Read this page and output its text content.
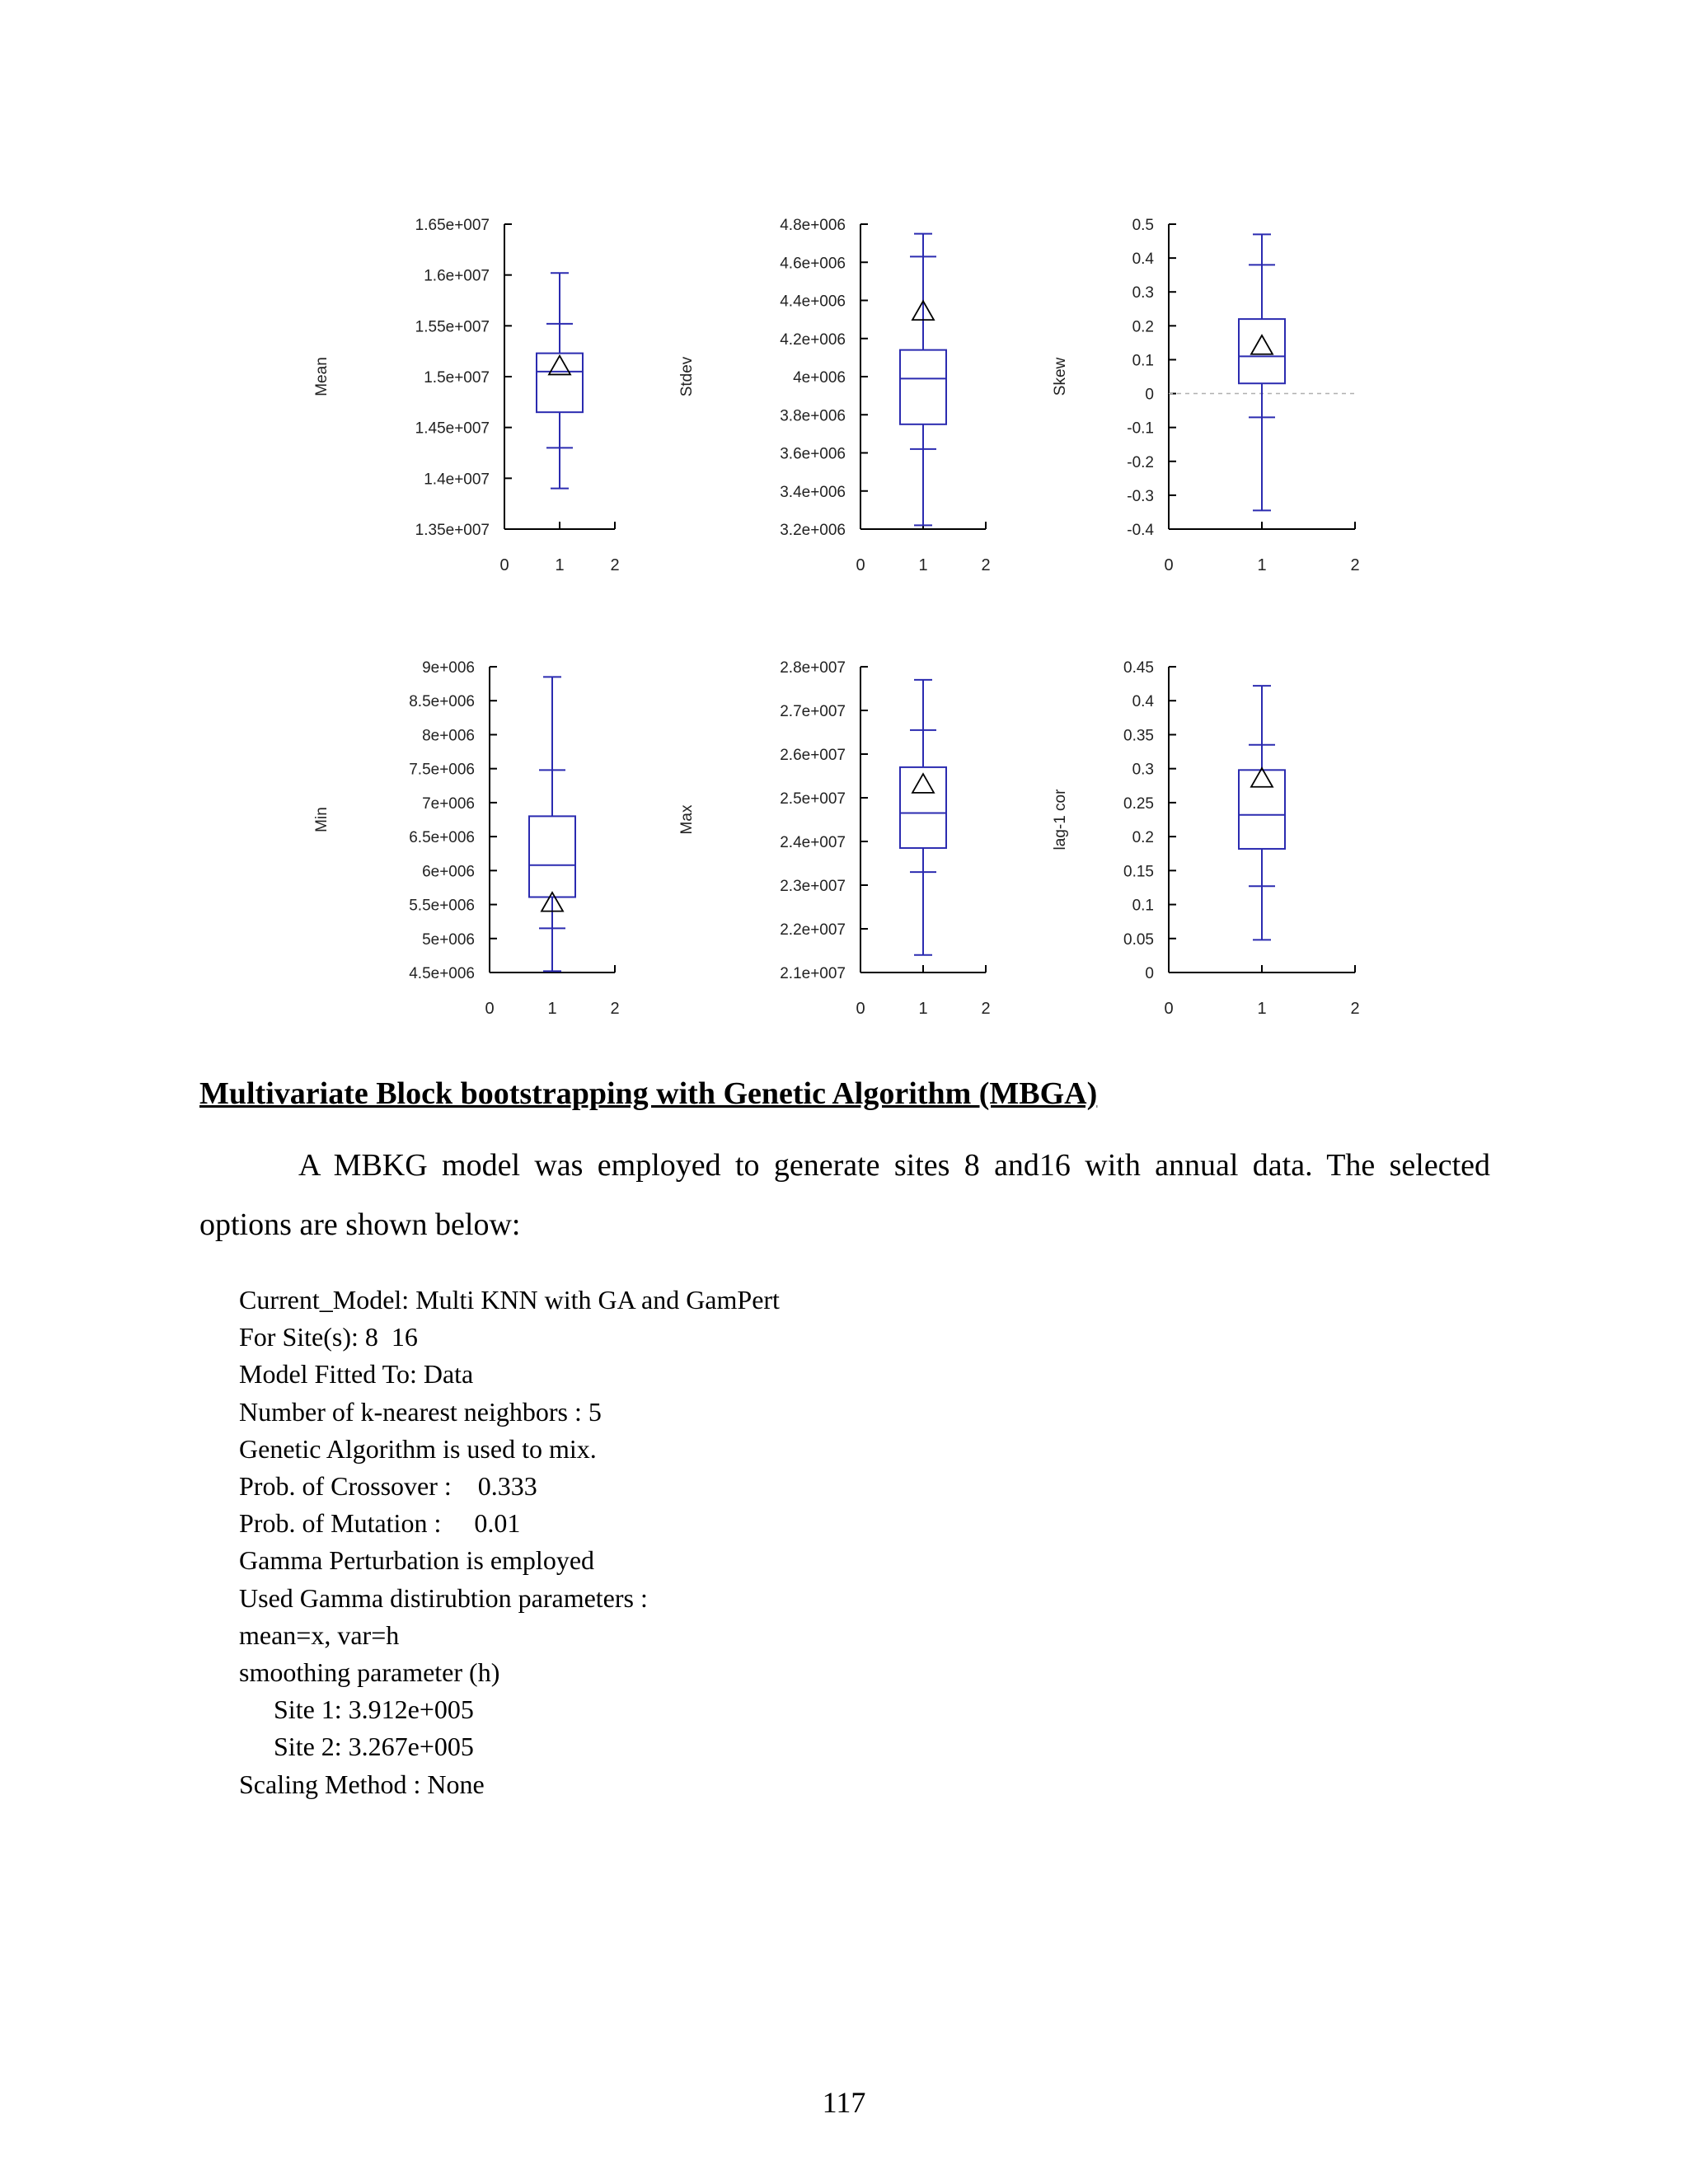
1.35e+007
1.4e+007
1.45e+007
1.5e+007
1.55e+007
1.6e+007
1.65e+007
0	1	2
Mean
3.2e+006
3.4e+006
3.6e+006
3.8e+006
4e+006
4.2e+006
4.4e+006
4.6e+006
4.8e+006
0	1	2
Stdev
-0.4
-0.3
-0.2
-0.1
0
0.1
0.2
0.3
0.4
0.5
0	1	2
Skew
4.5e+006
5e+006
5.5e+006
6e+006
6.5e+006
7e+006
7.5e+006
8e+006
8.5e+006
9e+006
0	1	2
Min
2.1e+007
2.2e+007
2.3e+007
2.4e+007
2.5e+007
2.6e+007
2.7e+007
2.8e+007
0	1	2
Max
0
0.05
0.1
0.15
0.2
0.25
0.3
0.35
0.4
0.45
0	1	2
lag-1 cor
Multivariate Block bootstrapping with Genetic Algorithm (MBGA)

A MBKG model was employed to generate sites 8 and16 with annual data. The selected options are shown below:

Current_Model: Multi KNN with GA and GamPert
For Site(s): 8  16
Model Fitted To: Data
Number of k-nearest neighbors : 5
Genetic Algorithm is used to mix.
Prob. of Crossover :    0.333
Prob. of Mutation :     0.01
Gamma Perturbation is employed
Used Gamma distirubtion parameters :
mean=x, var=h
smoothing parameter (h)
Site 1: 3.912e+005
Site 2: 3.267e+005
Scaling Method : None
117
